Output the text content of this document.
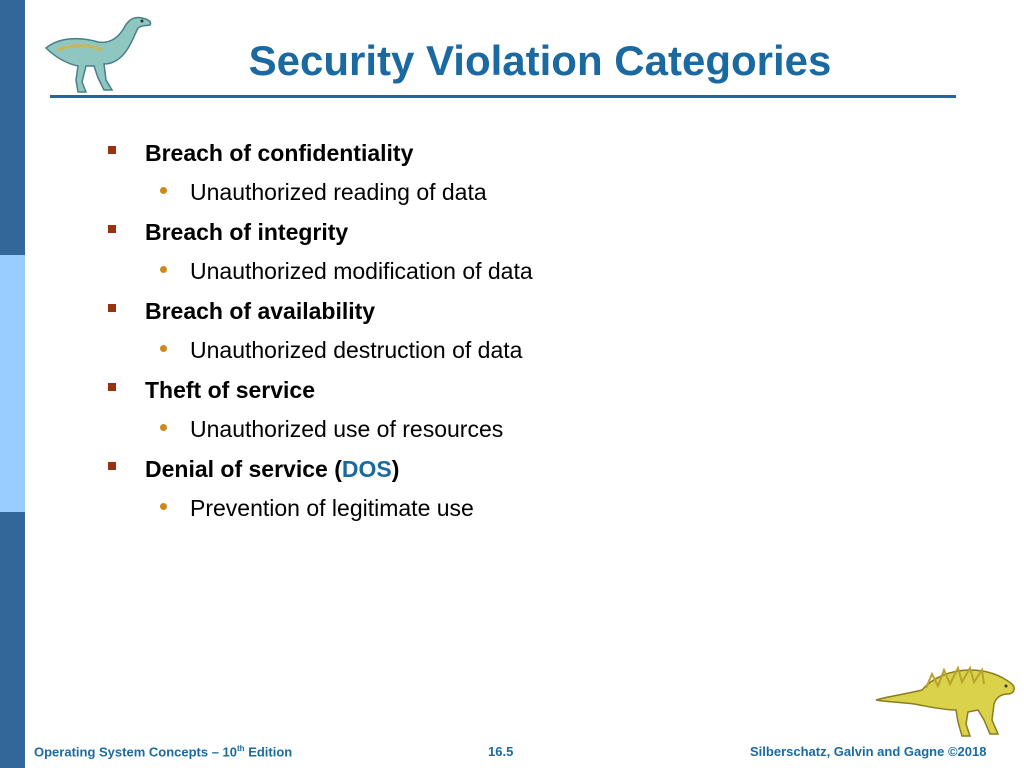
Security Violation Categories
Breach of confidentiality
Unauthorized reading of data
Breach of integrity
Unauthorized modification of data
Breach of availability
Unauthorized destruction of data
Theft of service
Unauthorized use of resources
Denial of service (DOS)
Prevention of legitimate use
Operating System Concepts – 10th Edition	16.5	Silberschatz, Galvin and Gagne ©2018
